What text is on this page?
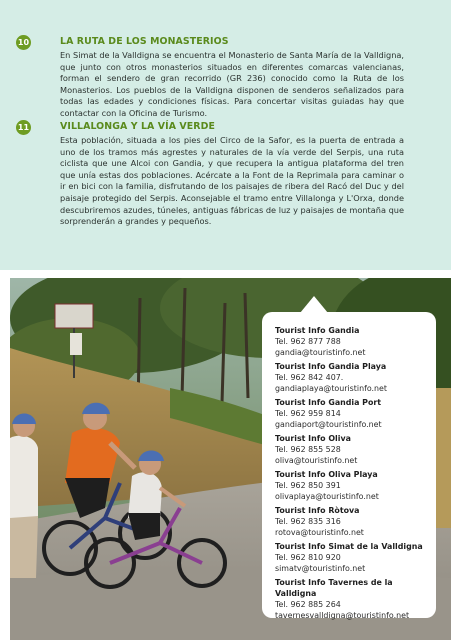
10	LA RUTA DE LOS MONASTERIOS
En Simat de la Valldigna se encuentra el Monasterio de Santa María de la Valldigna, que junto con otros monasterios situados en diferentes comarcas valencianas, forman el sendero de gran recorrido (GR 236) conocido como la Ruta de los Monasterios. Los pueblos de la Valldigna disponen de senderos señalizados para todas las edades y condiciones físicas. Para concertar visitas guiadas hay que contactar con la Oficina de Turismo.
11	VILLALONGA Y LA VÍA VERDE
Esta población, situada a los pies del Circo de la Safor, es la puerta de entrada a uno de los tramos más agrestes y naturales de la vía verde del Serpis, una ruta ciclista que une Alcoi con Gandia, y que recupera la antigua plataforma del tren que unía estas dos poblaciones. Acércate a la Font de la Reprimala para caminar o ir en bici con la familia, disfrutando de los paisajes de ribera del Racó del Duc y del paisaje protegido del Serpis. Aconsejable el tramo entre Villalonga y L'Orxa, donde descubriremos azudes, túneles, antiguas fábricas de luz y paisajes de montaña que sorprenderán a grandes y pequeños.
Tourist Info Gandia
Tel. 962 877 788
gandia@touristinfo.net
Tourist Info Gandia Playa
Tel. 962 842 407.
gandiaplaya@touristinfo.net
Tourist Info Gandia Port
Tel. 962 959 814
gandiaport@touristinfo.net
Tourist Info Oliva
Tel. 962 855 528
oliva@touristinfo.net
Tourist Info Oliva Playa
Tel. 962 850 391
olivaplaya@touristinfo.net
Tourist Info Ròtova
Tel. 962 835 316
rotova@touristinfo.net
Tourist Info Simat de la Valldigna
Tel. 962 810 920
simatv@touristinfo.net
Tourist Info Tavernes de la Valldigna
Tel. 962 885 264
tavernesvalldigna@touristinfo.net
